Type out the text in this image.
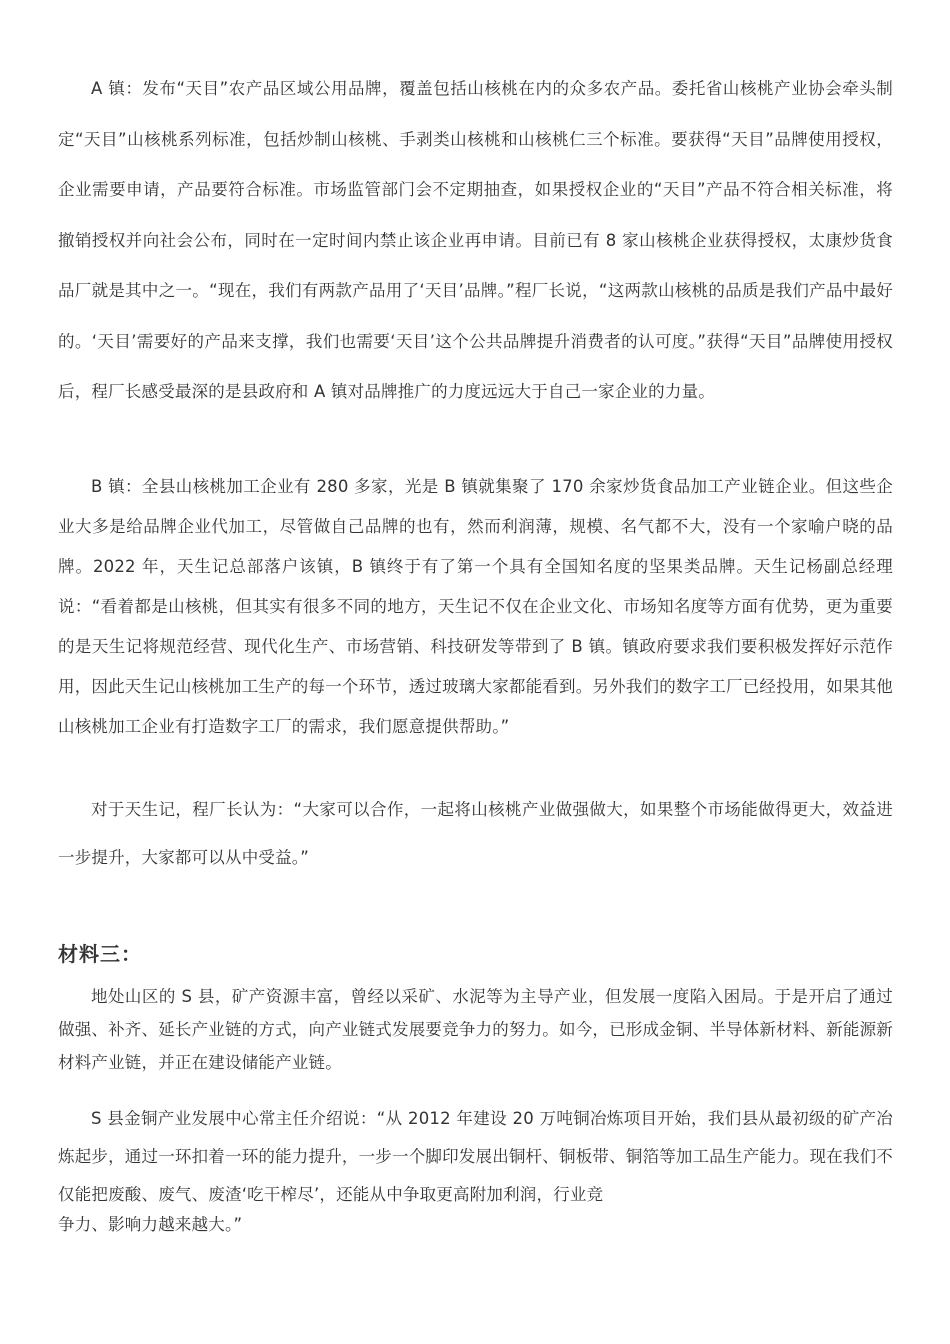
A 镇：发布“天目”农产品区域公用品牌，覆盖包括山核桃在内的众多农产品。委托省山核桃产业协会牵头制定“天目”山核桃系列标准，包括炒制山核桃、手剥类山核桃和山核桃仁三个标准。要获得“天目”品牌使用授权，企业需要申请，产品要符合标准。市场监管部门会不定期抽查，如果授权企业的“天目”产品不符合相关标准，将撤销授权并向社会公布，同时在一定时间内禁止该企业再申请。目前已有 8 家山核桃企业获得授权，太康炒货食品厂就是其中之一。“现在，我们有两款产品用了‘天目’品牌。”程厂长说，“这两款山核桃的品质是我们产品中最好的。‘天目’需要好的产品来支撑，我们也需要‘天目’这个公共品牌提升消费者的认可度。”获得“天目”品牌使用授权后，程厂长感受最深的是县政府和 A 镇对品牌推广的力度远远大于自己一家企业的力量。

B 镇：全县山核桃加工企业有 280 多家，光是 B 镇就集聚了 170 余家炒货食品加工产业链企业。但这些企业大多是给品牌企业代加工，尽管做自己品牌的也有，然而利润薄，规模、名气都不大，没有一个家喻户晓的品牌。2022 年，天生记总部落户该镇，B 镇终于有了第一个具有全国知名度的坚果类品牌。天生记杨副总经理说：“看着都是山核桃，但其实有很多不同的地方，天生记不仅在企业文化、市场知名度等方面有优势，更为重要的是天生记将规范经营、现代化生产、市场营销、科技研发等带到了 B 镇。镇政府要求我们要积极发挥好示范作用，因此天生记山核桃加工生产的每一个环节，透过玻璃大家都能看到。另外我们的数字工厂已经投用，如果其他山核桃加工企业有打造数字工厂的需求，我们愿意提供帮助。”

对于天生记，程厂长认为：“大家可以合作，一起将山核桃产业做强做大，如果整个市场能做得更大，效益进一步提升，大家都可以从中受益。”

材料三：

地处山区的 S 县，矿产资源丰富，曾经以采矿、水泥等为主导产业，但发展一度陷入困局。于是开启了通过做强、补齐、延长产业链的方式，向产业链式发展要竞争力的努力。如今，已形成金铜、半导体新材料、新能源新材料产业链，并正在建设储能产业链。

S 县金铜产业发展中心常主任介绍说：“从 2012 年建设 20 万吨铜冶炼项目开始，我们县从最初级的矿产冶炼起步，通过一环扣着一环的能力提升，一步一个脚印发展出铜杆、铜板带、铜箔等加工品生产能力。现在我们不仅能把废酸、废气、废渣‘吃干榨尽’，还能从中争取更高附加利润，行业竞

争力、影响力越来越大。”
